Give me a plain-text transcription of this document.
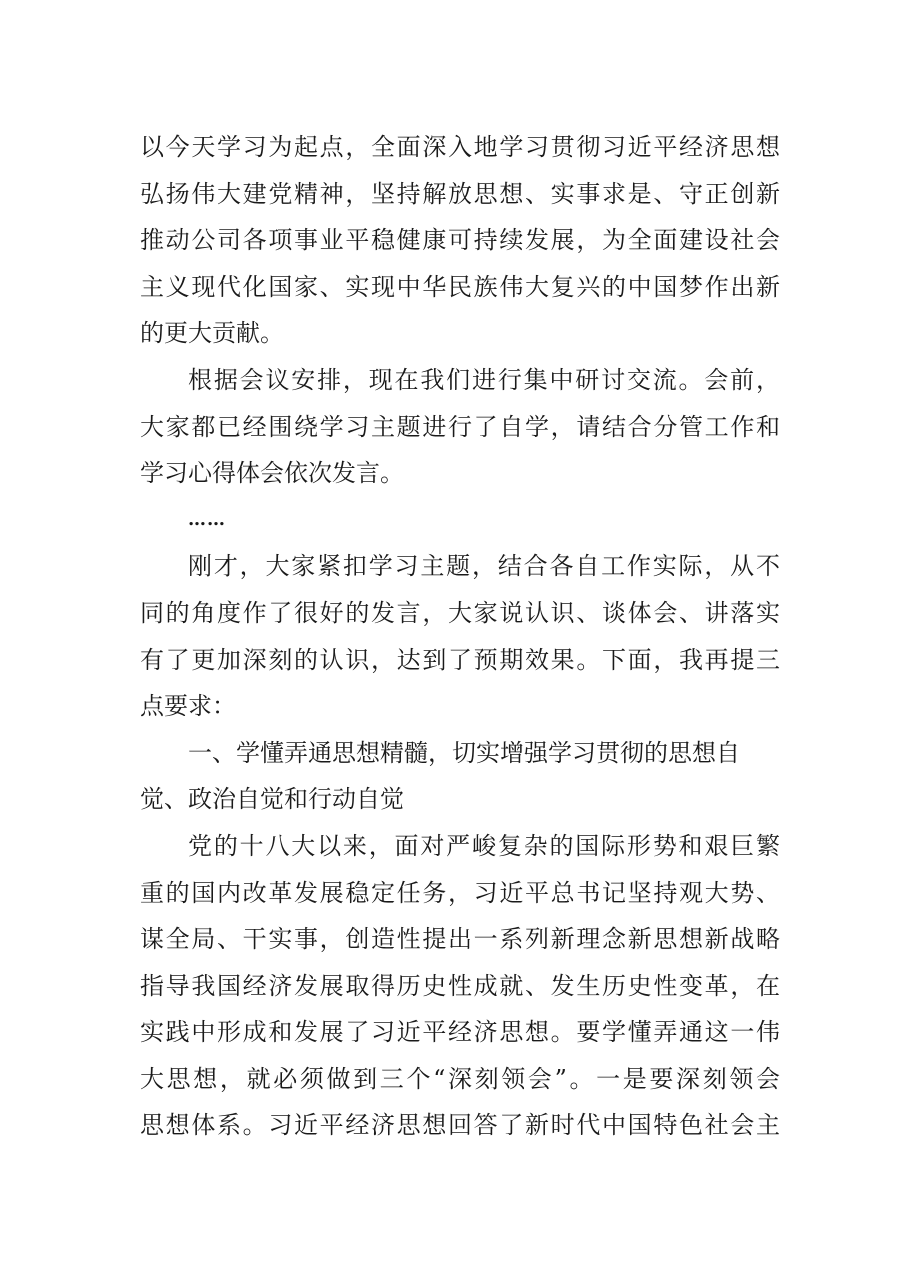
以今天学习为起点，全面深入地学习贯彻习近平经济思想
弘扬伟大建党精神，坚持解放思想、实事求是、守正创新
推动公司各项事业平稳健康可持续发展，为全面建设社会
主义现代化国家、实现中华民族伟大复兴的中国梦作出新
的更大贡献。
根据会议安排，现在我们进行集中研讨交流。会前，
大家都已经围绕学习主题进行了自学，请结合分管工作和
学习心得体会依次发言。
……
刚才，大家紧扣学习主题，结合各自工作实际，从不
同的角度作了很好的发言，大家说认识、谈体会、讲落实
有了更加深刻的认识，达到了预期效果。下面，我再提三
点要求：
一、学懂弄通思想精髓，切实增强学习贯彻的思想自
觉、政治自觉和行动自觉
党的十八大以来，面对严峻复杂的国际形势和艰巨繁
重的国内改革发展稳定任务，习近平总书记坚持观大势、
谋全局、干实事，创造性提出一系列新理念新思想新战略
指导我国经济发展取得历史性成就、发生历史性变革，在
实践中形成和发展了习近平经济思想。要学懂弄通这一伟
大思想，就必须做到三个“深刻领会”。一是要深刻领会
思想体系。习近平经济思想回答了新时代中国特色社会主
